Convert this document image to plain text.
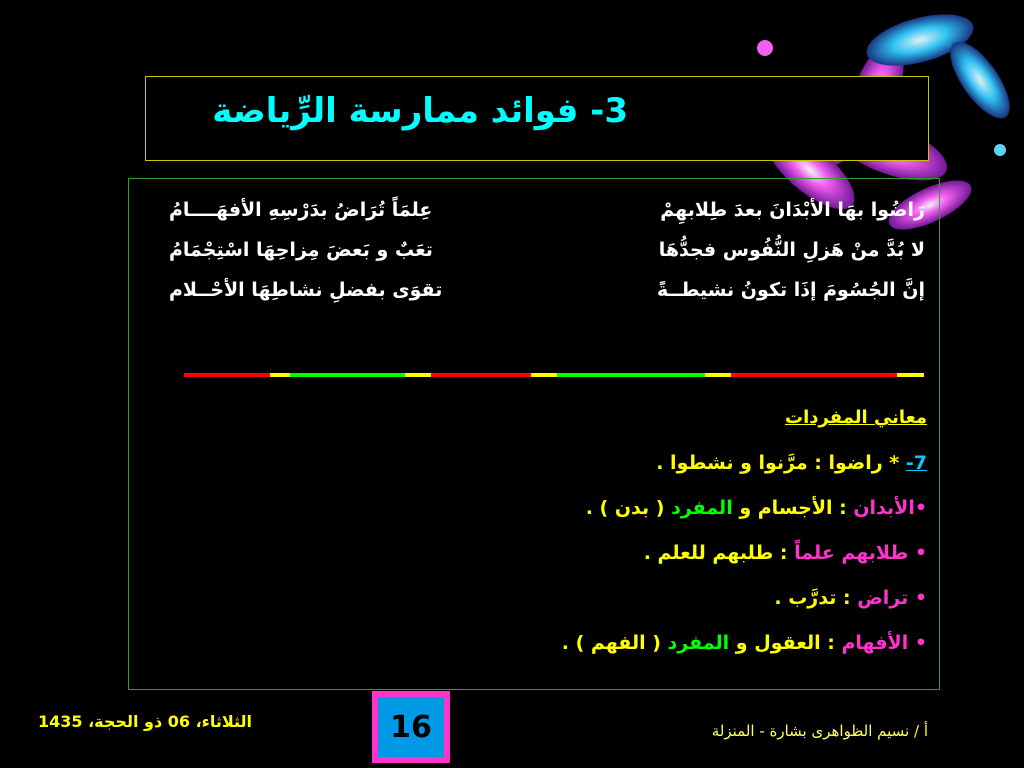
3- فوائد ممارسة الرِّياضة
رَاضُوا بهَا الأبْدَانَ بعدَ طِلابهِمْ
عِلمَاً تُرَاضُ بدَرْسِهِ الأفهَــــامُ
لا بُدَّ منْ هَزلِ النُّفُوس فجدُّهَا
تعَبٌ و بَعضَ مِزاحِهَا اسْتِجْمَامُ
إنَّ الجُسُومَ إذَا تكونُ نشيطــةً
تقوَى بفضلِ نشاطِهَا الأحْــلام
معاني المفردات
7- * راضوا : مرَّنوا و نشطوا .
•الأبدان : الأجسام و المفرد ( بدن ) .
• طلابهم علماً : طلبهم للعلم .
• تراض : تدرَّب .
• الأفهام : العقول و المفرد ( الفهم ) .
الثلاثاء، 06 ذو الحجة، 1435	16	أ / نسيم الظواهرى بشارة - المنزلة
